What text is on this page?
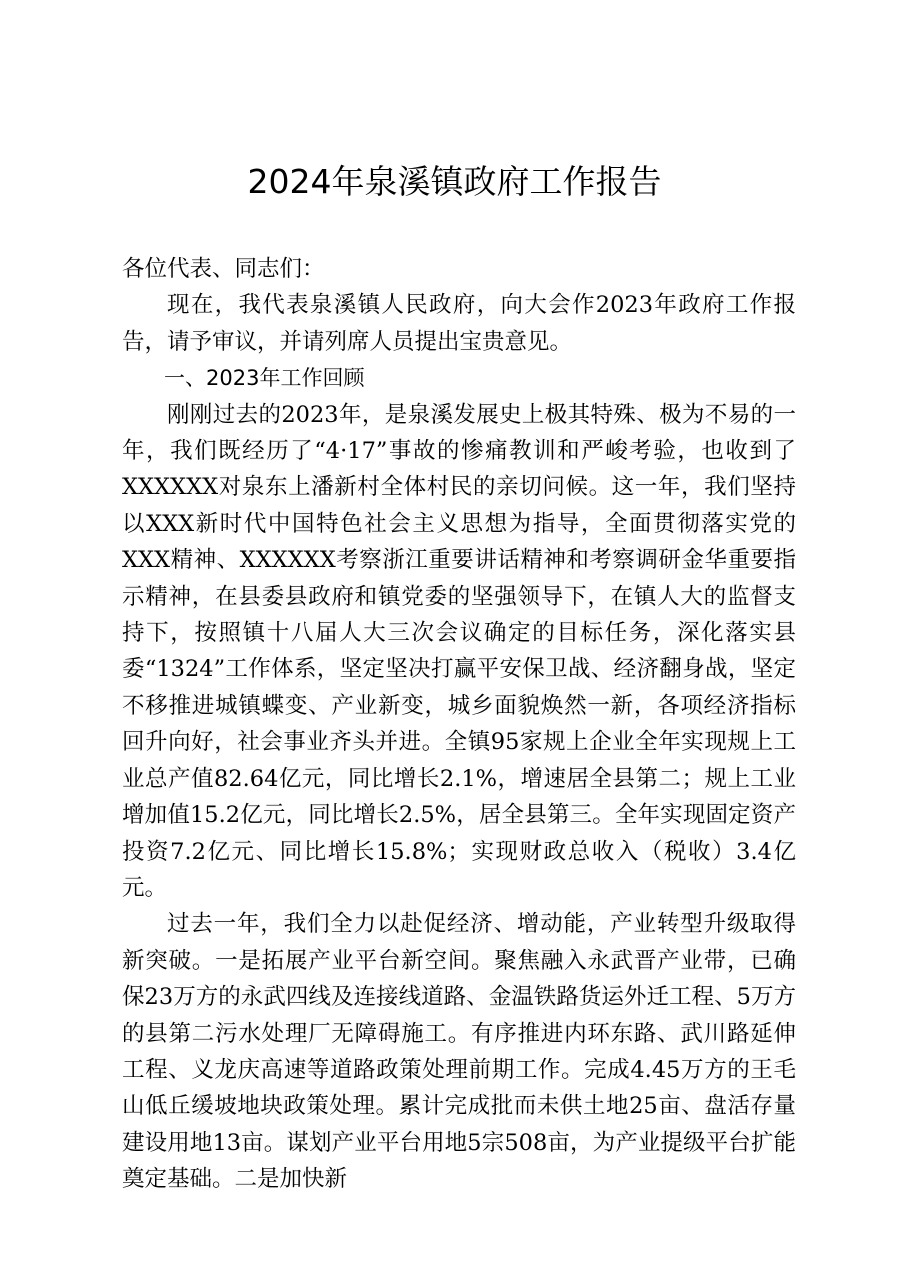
2024年泉溪镇政府工作报告

各位代表、同志们：

现在，我代表泉溪镇人民政府，向大会作2023年政府工作报告，请予审议，并请列席人员提出宝贵意见。

一、2023年工作回顾

刚刚过去的2023年，是泉溪发展史上极其特殊、极为不易的一年，我们既经历了“4·17”事故的惨痛教训和严峻考验，也收到了XXXXXX对泉东上潘新村全体村民的亲切问候。这一年，我们坚持以XXX新时代中国特色社会主义思想为指导，全面贯彻落实党的XXX精神、XXXXXX考察浙江重要讲话精神和考察调研金华重要指示精神，在县委县政府和镇党委的坚强领导下，在镇人大的监督支持下，按照镇十八届人大三次会议确定的目标任务，深化落实县委“1324”工作体系，坚定坚决打赢平安保卫战、经济翻身战，坚定不移推进城镇蝶变、产业新变，城乡面貌焕然一新，各项经济指标回升向好，社会事业齐头并进。全镇95家规上企业全年实现规上工业总产值82.64亿元，同比增长2.1%，增速居全县第二；规上工业增加值15.2亿元，同比增长2.5%，居全县第三。全年实现固定资产投资7.2亿元、同比增长15.8%；实现财政总收入（税收）3.4亿元。

过去一年，我们全力以赴促经济、增动能，产业转型升级取得新突破。一是拓展产业平台新空间。聚焦融入永武晋产业带，已确保23万方的永武四线及连接线道路、金温铁路货运外迁工程、5万方的县第二污水处理厂无障碍施工。有序推进内环东路、武川路延伸工程、义龙庆高速等道路政策处理前期工作。完成4.45万方的王毛山低丘缓坡地块政策处理。累计完成批而未供土地25亩、盘活存量建设用地13亩。谋划产业平台用地5宗508亩，为产业提级平台扩能奠定基础。二是加快新
